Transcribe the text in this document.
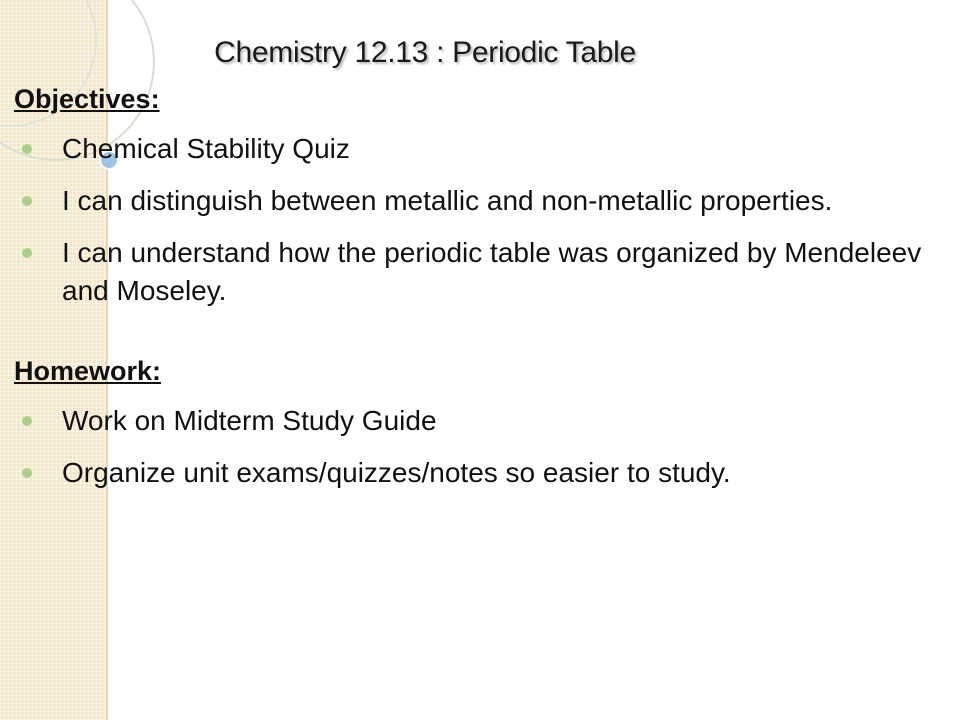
Chemistry 12.13 : Periodic Table
Objectives:
Chemical Stability Quiz
I can distinguish between metallic and non-metallic properties.
I can understand how the periodic table was organized by Mendeleev and Moseley.
Homework:
Work on Midterm Study Guide
Organize unit exams/quizzes/notes so easier to study.
